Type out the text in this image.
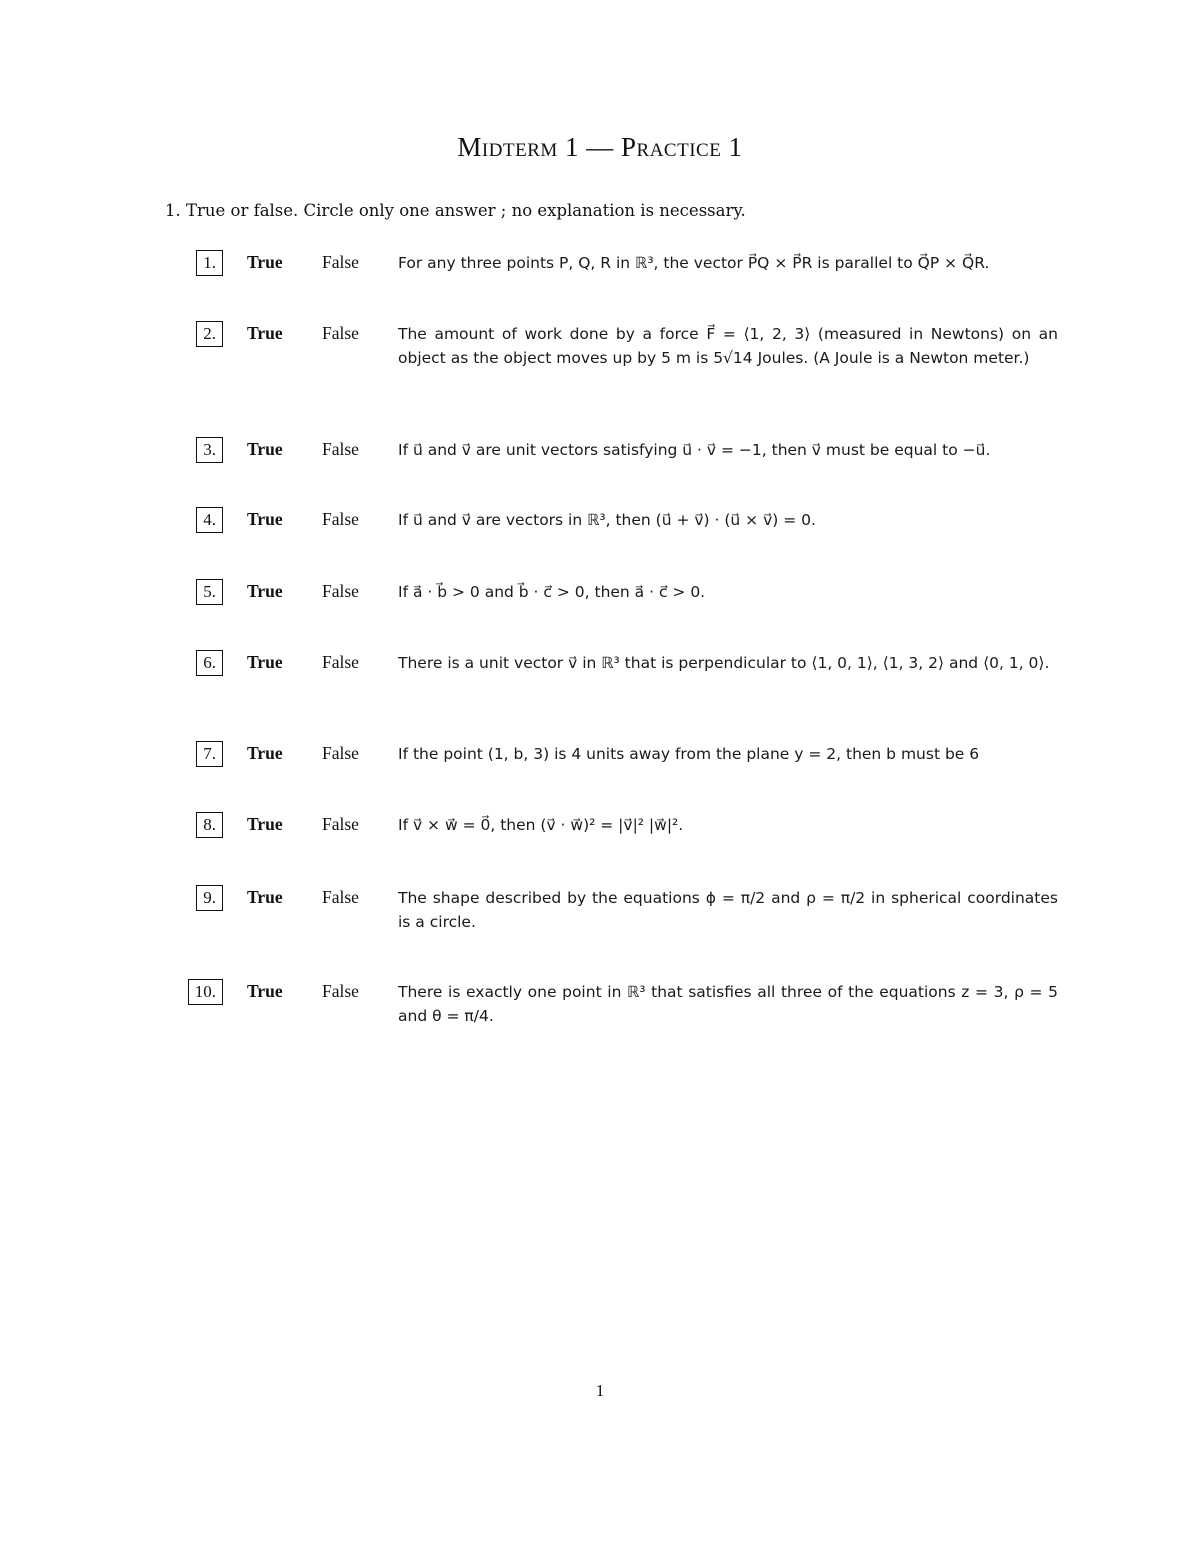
Midterm 1 — Practice 1
1. True or false. Circle only one answer ; no explanation is necessary.
1.	True False	For any three points P, Q, R in ℝ³, the vector P⃗Q × P⃗R is parallel to Q⃗P × Q⃗R.
2.	True False	The amount of work done by a force F⃗ = ⟨1, 2, 3⟩ (measured in Newtons) on an object as the object moves up by 5 m is 5√14 Joules. (A Joule is a Newton meter.)
3.	True False	If u⃗ and v⃗ are unit vectors satisfying u⃗ · v⃗ = −1, then v⃗ must be equal to −u⃗.
4.	True False	If u⃗ and v⃗ are vectors in ℝ³, then (u⃗ + v⃗) · (u⃗ × v⃗) = 0.
5.	True False	If a⃗ · b⃗ > 0 and b⃗ · c⃗ > 0, then a⃗ · c⃗ > 0.
6.	True False	There is a unit vector v⃗ in ℝ³ that is perpendicular to ⟨1, 0, 1⟩, ⟨1, 3, 2⟩ and ⟨0, 1, 0⟩.
7.	True False	If the point (1, b, 3) is 4 units away from the plane y = 2, then b must be 6
8.	True False	If v⃗ × w⃗ = 0⃗, then (v⃗ · w⃗)² = |v⃗|² |w⃗|².
9.	True False	The shape described by the equations ϕ = π/2 and ρ = π/2 in spherical coordinates is a circle.
10.	True False	There is exactly one point in ℝ³ that satisfies all three of the equations z = 3, ρ = 5 and θ = π/4.
1
